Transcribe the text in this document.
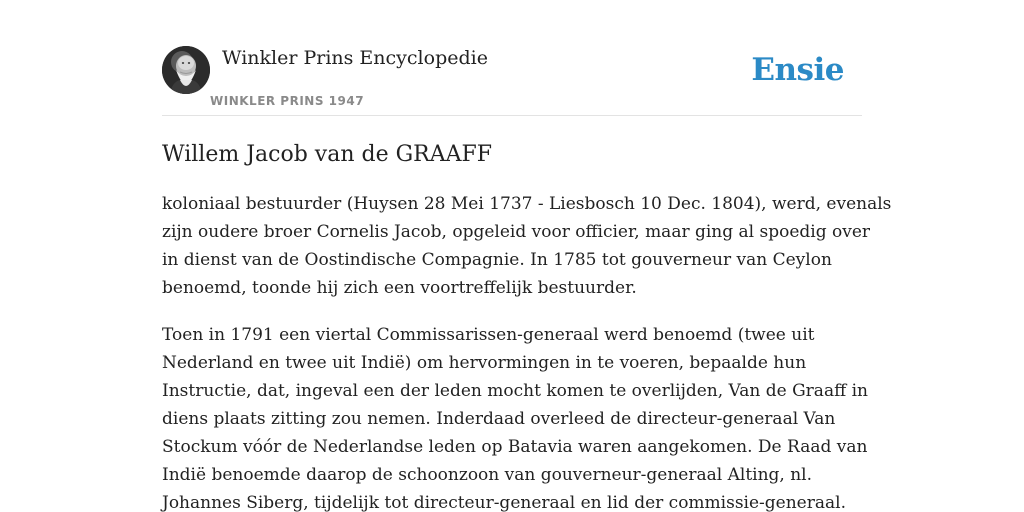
Winkler Prins Encyclopedie
WINKLER PRINS 1947
Ensie
Willem Jacob van de GRAAFF

koloniaal bestuurder (Huysen 28 Mei 1737 - Liesbosch 10 Dec. 1804), werd, evenals
zijn oudere broer Cornelis Jacob, opgeleid voor officier, maar ging al spoedig over
in dienst van de Oostindische Compagnie. In 1785 tot gouverneur van Ceylon
benoemd, toonde hij zich een voortreffelijk bestuurder.

Toen in 1791 een viertal Commissarissen-generaal werd benoemd (twee uit
Nederland en twee uit Indië) om hervormingen in te voeren, bepaalde hun
Instructie, dat, ingeval een der leden mocht komen te overlijden, Van de Graaff in
diens plaats zitting zou nemen. Inderdaad overleed de directeur-generaal Van
Stockum vóór de Nederlandse leden op Batavia waren aangekomen. De Raad van
Indië benoemde daarop de schoonzoon van gouverneur-generaal Alting, nl.
Johannes Siberg, tijdelijk tot directeur-generaal en lid der commissie-generaal.
